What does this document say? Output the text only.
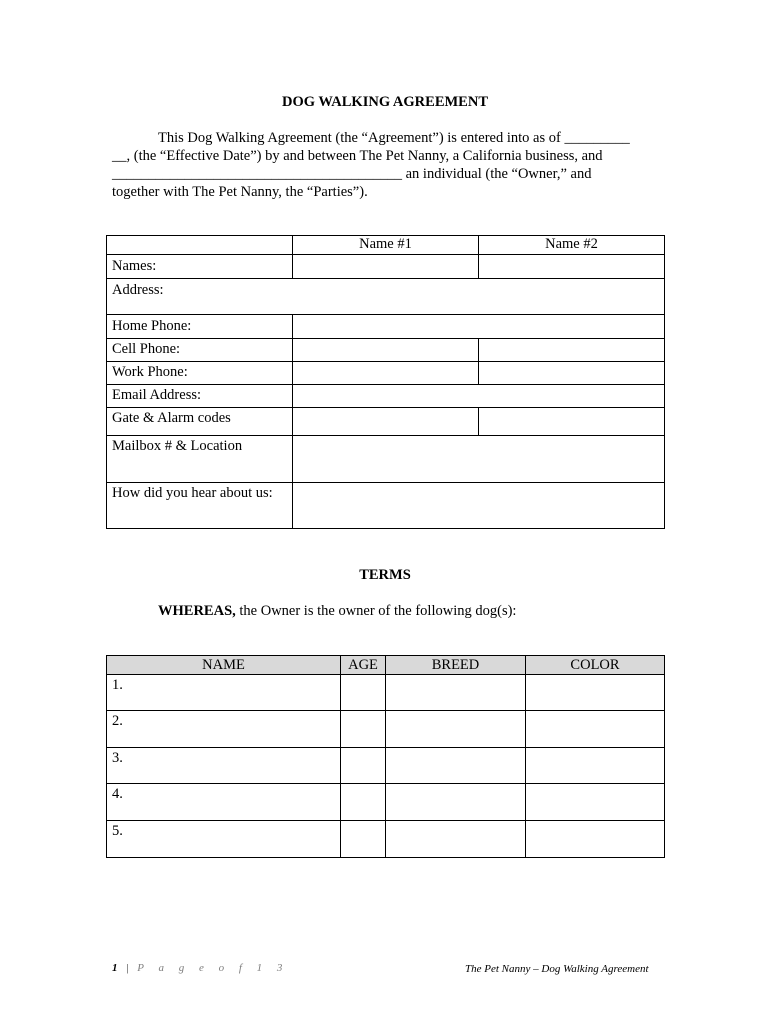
DOG WALKING AGREEMENT
This Dog Walking Agreement (the “Agreement”) is entered into as of _________
__, (the “Effective Date”) by and between The Pet Nanny, a California business, and
________________________________________ an individual (the “Owner,” and
together with The Pet Nanny, the “Parties”).
	Name #1	Name #2
Names:		
Address:		
Home Phone:		
Cell Phone:		
Work Phone:		
Email Address:		
Gate & Alarm codes		
Mailbox # & Location		
How did you hear about us:		
TERMS
WHEREAS, the Owner is the owner of the following dog(s):
NAME	AGE	BREED	COLOR
1.			
2.			
3.			
4.			
5.			
1 | P a g e o f 1 3	The Pet Nanny – Dog Walking Agreement
